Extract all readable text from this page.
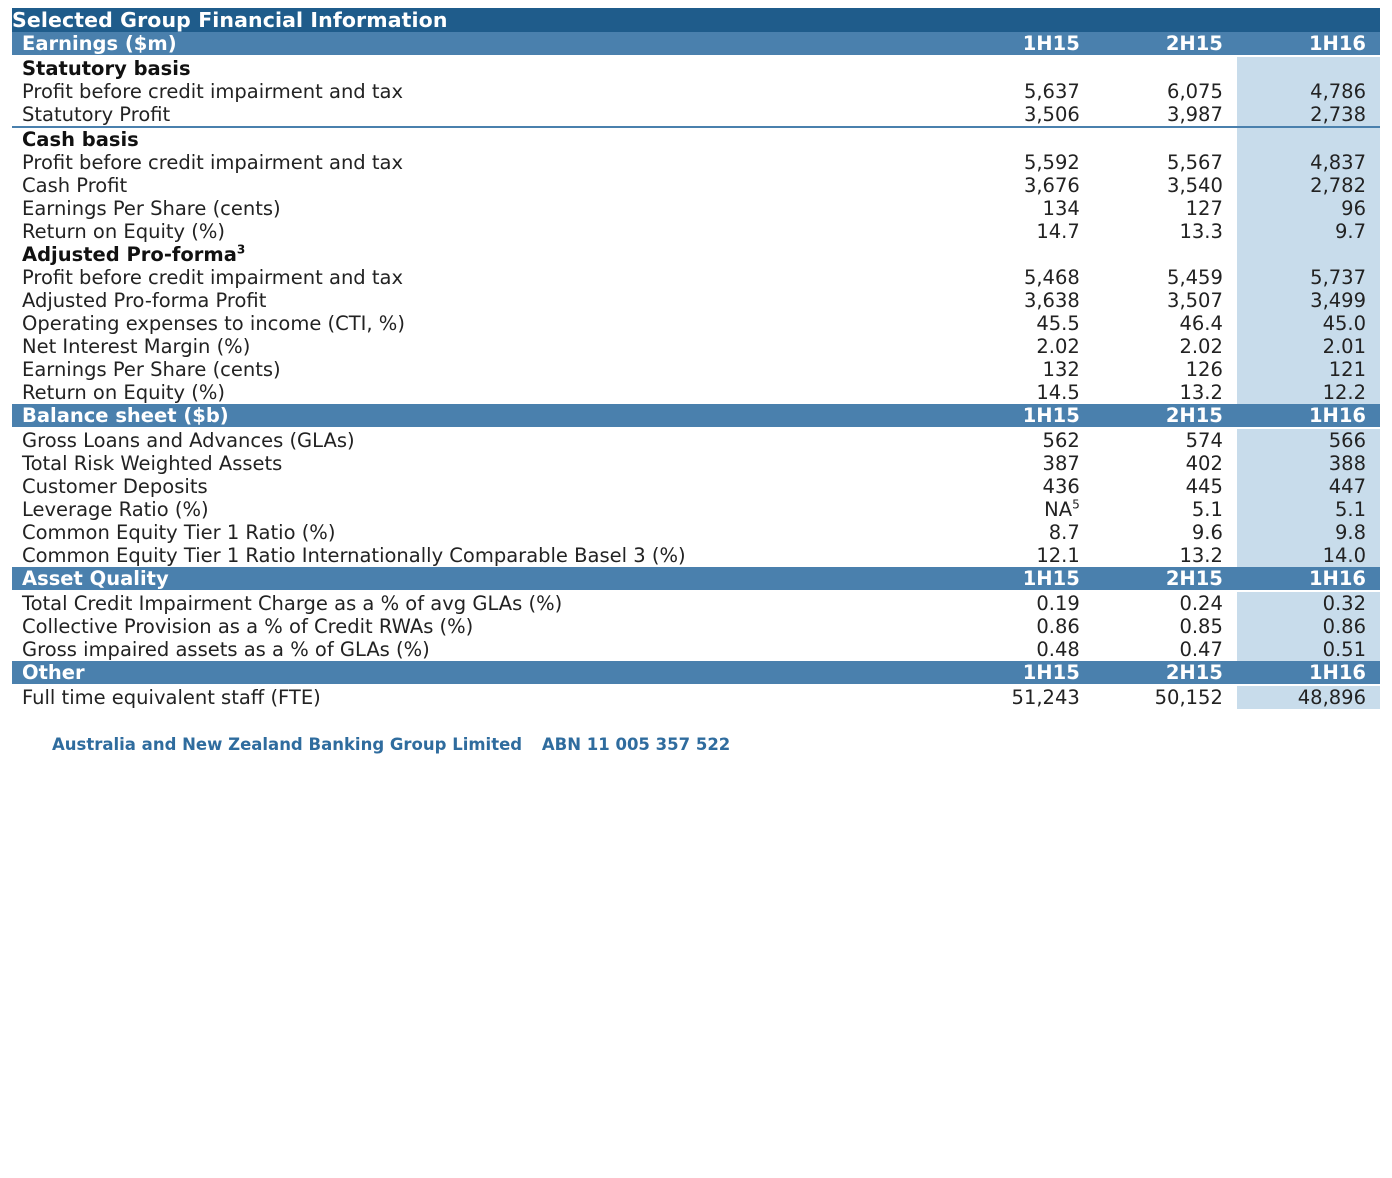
Selected Group Financial Information			
Earnings ($m)	1H15	2H15	1H16
Statutory basis			
Profit before credit impairment and tax	5,637	6,075	4,786
Statutory Profit	3,506	3,987	2,738
Cash basis			
Profit before credit impairment and tax	5,592	5,567	4,837
Cash Profit	3,676	3,540	2,782
Earnings Per Share (cents)	134	127	96
Return on Equity (%)	14.7	13.3	9.7
Adjusted Pro-forma$^3$			
Profit before credit impairment and tax	5,468	5,459	5,737
Adjusted Pro-forma Profit	3,638	3,507	3,499
Operating expenses to income (CTI, %)	45.5	46.4	45.0
Net Interest Margin (%)	2.02	2.02	2.01
Earnings Per Share (cents)	132	126	121
Return on Equity (%)	14.5	13.2	12.2
Balance sheet ($b)	1H15	2H15	1H16
Gross Loans and Advances (GLAs)	562	574	566
Total Risk Weighted Assets	387	402	388
Customer Deposits	436	445	447
Leverage Ratio (%)	$NA^5$	5.1	5.1
Common Equity Tier 1 Ratio (%)	8.7	9.6	9.8
Common Equity Tier 1 Ratio Internationally Comparable Basel 3 (%)	12.1	13.2	14.0
Asset Quality	1H15	2H15	1H16
Total Credit Impairment Charge as a % of avg GLAs (%)	0.19	0.24	0.32
Collective Provision as a % of Credit RWAs (%)	0.86	0.85	0.86
Gross impaired assets as a % of GLAs (%)	0.48	0.47	0.51
Other	1H15	2H15	1H16
Full time equivalent staff (FTE)	51,243	50,152	48,896
Australia and New Zealand Banking Group Limited ABN 11 005 357 522
